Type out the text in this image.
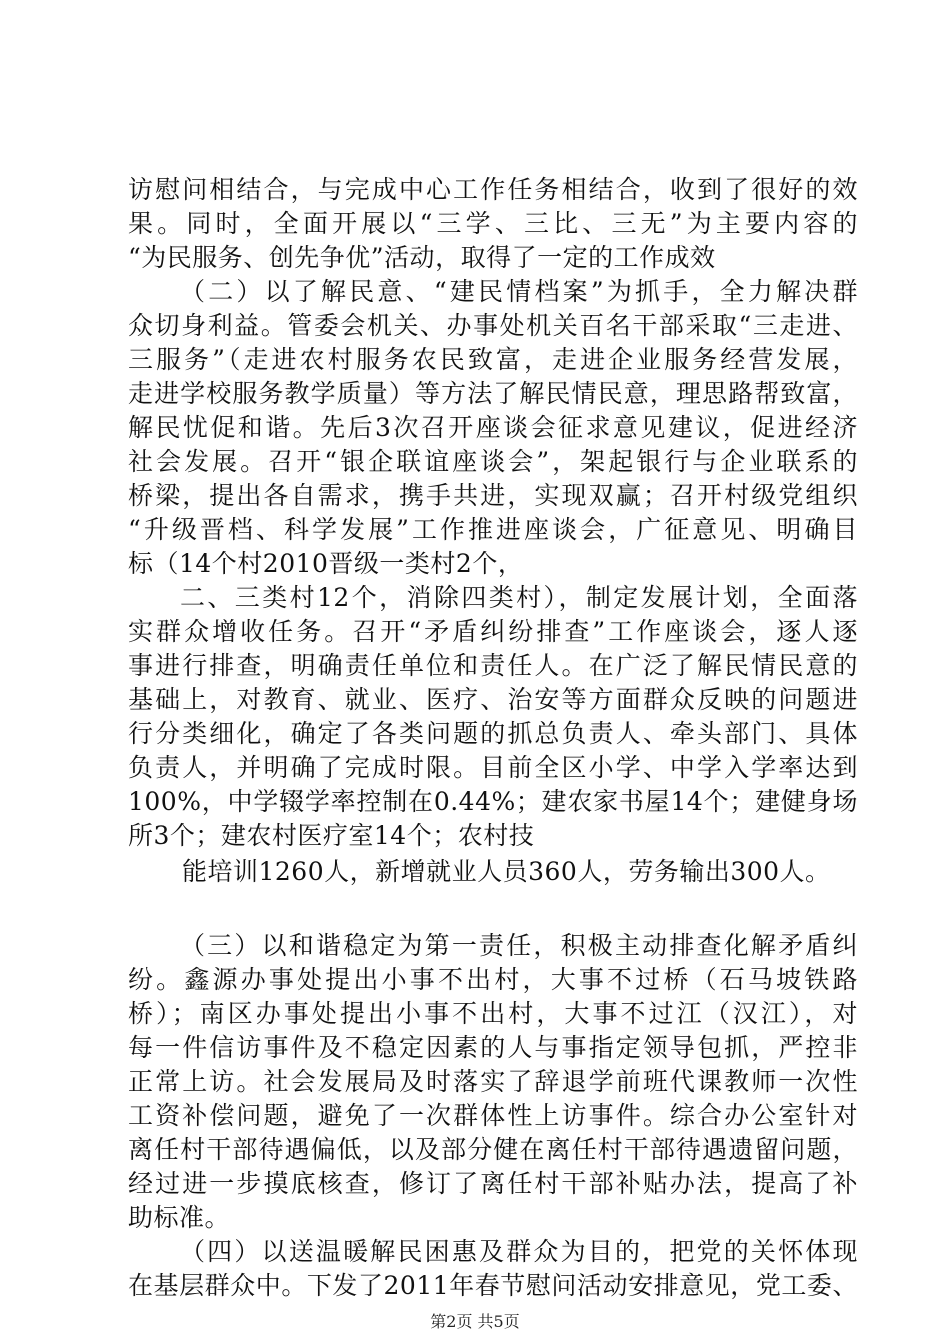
访慰问相结合，与完成中心工作任务相结合，收到了很好的效
果。同时，全面开展以“三学、三比、三无”为主要内容的
“为民服务、创先争优”活动，取得了一定的工作成效
（二）以了解民意、“建民情档案”为抓手，全力解决群
众切身利益。管委会机关、办事处机关百名干部采取“三走进、
三服务”（走进农村服务农民致富，走进企业服务经营发展，
走进学校服务教学质量）等方法了解民情民意，理思路帮致富，
解民忧促和谐。先后3次召开座谈会征求意见建议，促进经济
社会发展。召开“银企联谊座谈会”，架起银行与企业联系的
桥梁，提出各自需求，携手共进，实现双赢；召开村级党组织
“升级晋档、科学发展”工作推进座谈会，广征意见、明确目
标（14个村2010晋级一类村2个，
二、三类村12个，消除四类村），制定发展计划，全面落
实群众增收任务。召开“矛盾纠纷排查”工作座谈会，逐人逐
事进行排查，明确责任单位和责任人。在广泛了解民情民意的
基础上，对教育、就业、医疗、治安等方面群众反映的问题进
行分类细化，确定了各类问题的抓总负责人、牵头部门、具体
负责人，并明确了完成时限。目前全区小学、中学入学率达到
100%，中学辍学率控制在0.44%；建农家书屋14个；建健身场
所3个；建农村医疗室14个；农村技
能培训1260人，新增就业人员360人，劳务输出300人。
（三）以和谐稳定为第一责任，积极主动排查化解矛盾纠
纷。鑫源办事处提出小事不出村，大事不过桥（石马坡铁路
桥）；南区办事处提出小事不出村，大事不过江（汉江），对
每一件信访事件及不稳定因素的人与事指定领导包抓，严控非
正常上访。社会发展局及时落实了辞退学前班代课教师一次性
工资补偿问题，避免了一次群体性上访事件。综合办公室针对
离任村干部待遇偏低，以及部分健在离任村干部待遇遗留问题，
经过进一步摸底核查，修订了离任村干部补贴办法，提高了补
助标准。
（四）以送温暖解民困惠及群众为目的，把党的关怀体现
在基层群众中。下发了2011年春节慰问活动安排意见，党工委、
第2页 共5页
